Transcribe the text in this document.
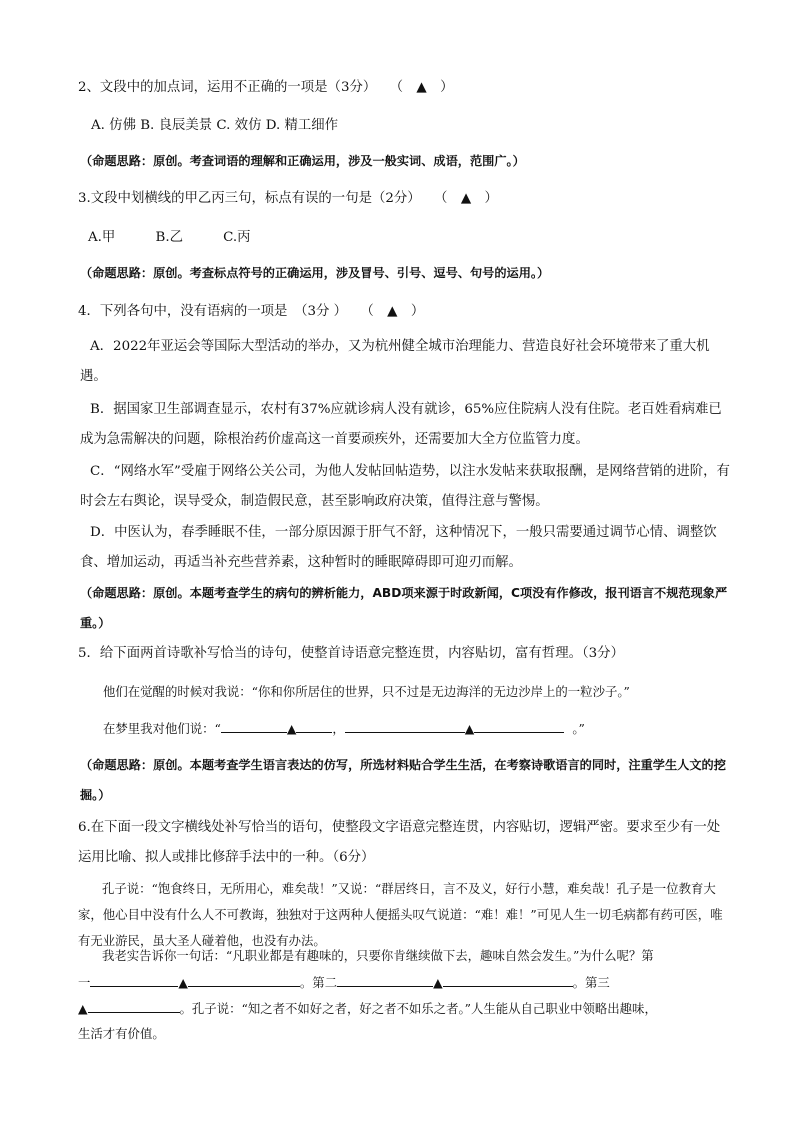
2、文段中的加点词，运用不正确的一项是（3分）　　（　▲　）
A. 仿佛 B. 良辰美景 C. 效仿 D. 精工细作
（命题思路：原创。考查词语的理解和正确运用，涉及一般实词、成语，范围广。）
3.文段中划横线的甲乙丙三句，标点有误的一句是（2分）　　（　▲　）
A.甲　　　B.乙　　　C.丙
（命题思路：原创。考查标点符号的正确运用，涉及冒号、引号、逗号、句号的运用。）
4．下列各句中，没有语病的一项是　（3分 ）　　（　▲　）
A．2022年亚运会等国际大型活动的举办，又为杭州健全城市治理能力、营造良好社会环境带来了重大机遇。
B．据国家卫生部调查显示，农村有37%应就诊病人没有就诊，65%应住院病人没有住院。老百姓看病难已成为急需解决的问题，除根治药价虚高这一首要顽疾外，还需要加大全方位监管力度。
C．“网络水军”受雇于网络公关公司，为他人发帖回帖造势，以注水发帖来获取报酬，是网络营销的进阶，有时会左右舆论，误导受众，制造假民意，甚至影响政府决策，值得注意与警惕。
D．中医认为，春季睡眠不佳，一部分原因源于肝气不舒，这种情况下，一般只需要通过调节心情、调整饮食、增加运动，再适当补充些营养素，这种暂时的睡眠障碍即可迎刃而解。
（命题思路：原创。本题考查学生的病句的辨析能力，ABD项来源于时政新闻，C项没有作修改，报刊语言不规范现象严重。）
5．给下面两首诗歌补写恰当的诗句，使整首诗语意完整连贯，内容贴切，富有哲理。（3分）
他们在觉醒的时候对我说：“你和你所居住的世界，只不过是无边海洋的无边沙岸上的一粒沙子。”
在梦里我对他们说：“	▲	，	▲	。”
（命题思路：原创。本题考查学生语言表达的仿写，所选材料贴合学生生活，在考察诗歌语言的同时，注重学生人文的挖掘。）
6.在下面一段文字横线处补写恰当的语句，使整段文字语意完整连贯，内容贴切，逻辑严密。要求至少有一处运用比喻、拟人或排比修辞手法中的一种。（6分）
孔子说：“饱食终日，无所用心，难矣哉！”又说：“群居终日，言不及义，好行小慧，难矣哉！孔子是一位教育大家，他心目中没有什么人不可教诲，独独对于这两种人便摇头叹气说道：“难！难！”可见人生一切毛病都有药可医，唯有无业游民，虽大圣人碰着他，也没有办法。
我老实告诉你一句话：“凡职业都是有趣味的，只要你肯继续做下去，趣味自然会发生。”为什么呢？第
一	▲	。第二	▲	。第三
▲	。孔子说：“知之者不如好之者，好之者不如乐之者。”人生能从自己职业中领略出趣味，
生活才有价值。
